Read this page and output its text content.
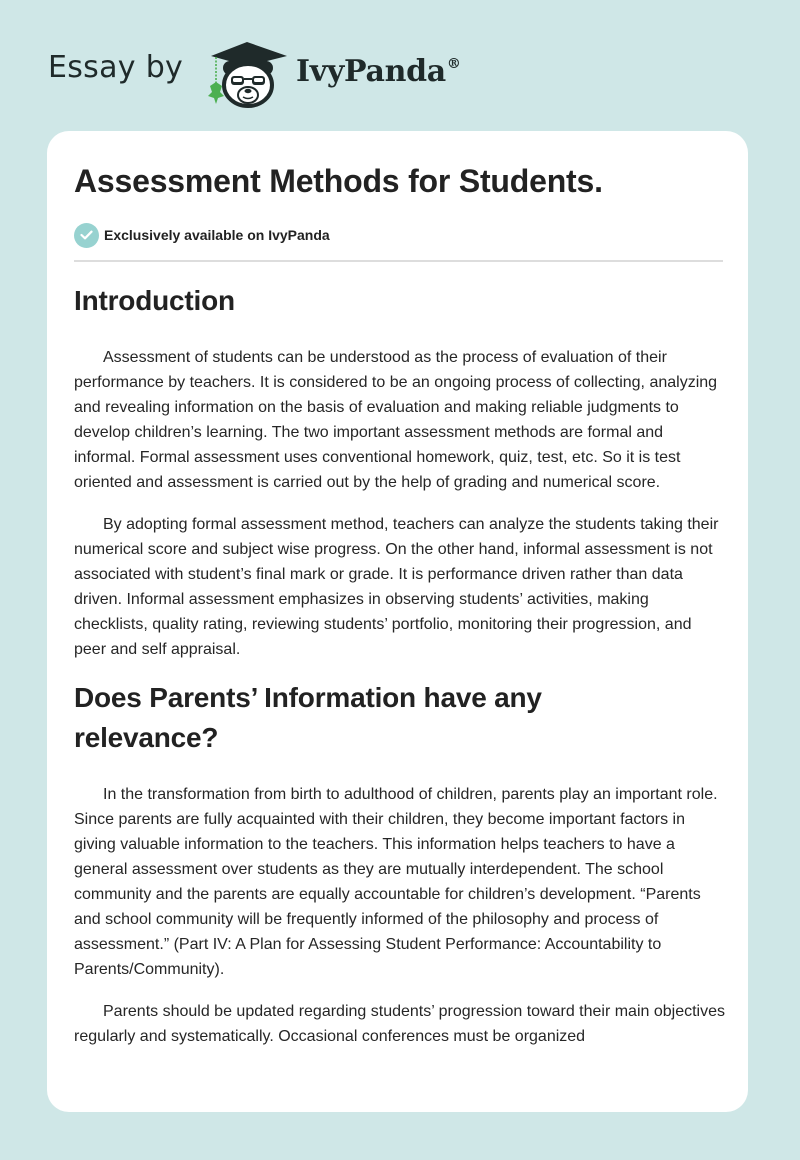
Essay by	IvyPanda®
Assessment Methods for Students.
Exclusively available on IvyPanda
Introduction

Assessment of students can be understood as the process of evaluation of their performance by teachers. It is considered to be an ongoing process of collecting, analyzing and revealing information on the basis of evaluation and making reliable judgments to develop children’s learning. The two important assessment methods are formal and informal. Formal assessment uses conventional homework, quiz, test, etc. So it is test oriented and assessment is carried out by the help of grading and numerical score.

By adopting formal assessment method, teachers can analyze the students taking their numerical score and subject wise progress. On the other hand, informal assessment is not associated with student’s final mark or grade. It is performance driven rather than data driven. Informal assessment emphasizes in observing students’ activities, making checklists, quality rating, reviewing students’ portfolio, monitoring their progression, and peer and self appraisal.

Does Parents’ Information have any relevance?

In the transformation from birth to adulthood of children, parents play an important role. Since parents are fully acquainted with their children, they become important factors in giving valuable information to the teachers. This information helps teachers to have a general assessment over students as they are mutually interdependent. The school community and the parents are equally accountable for children’s development. “Parents and school community will be frequently informed of the philosophy and process of assessment.” (Part IV: A Plan for Assessing Student Performance: Accountability to Parents/Community).

Parents should be updated regarding students’ progression toward their main objectives regularly and systematically. Occasional conferences must be organized
